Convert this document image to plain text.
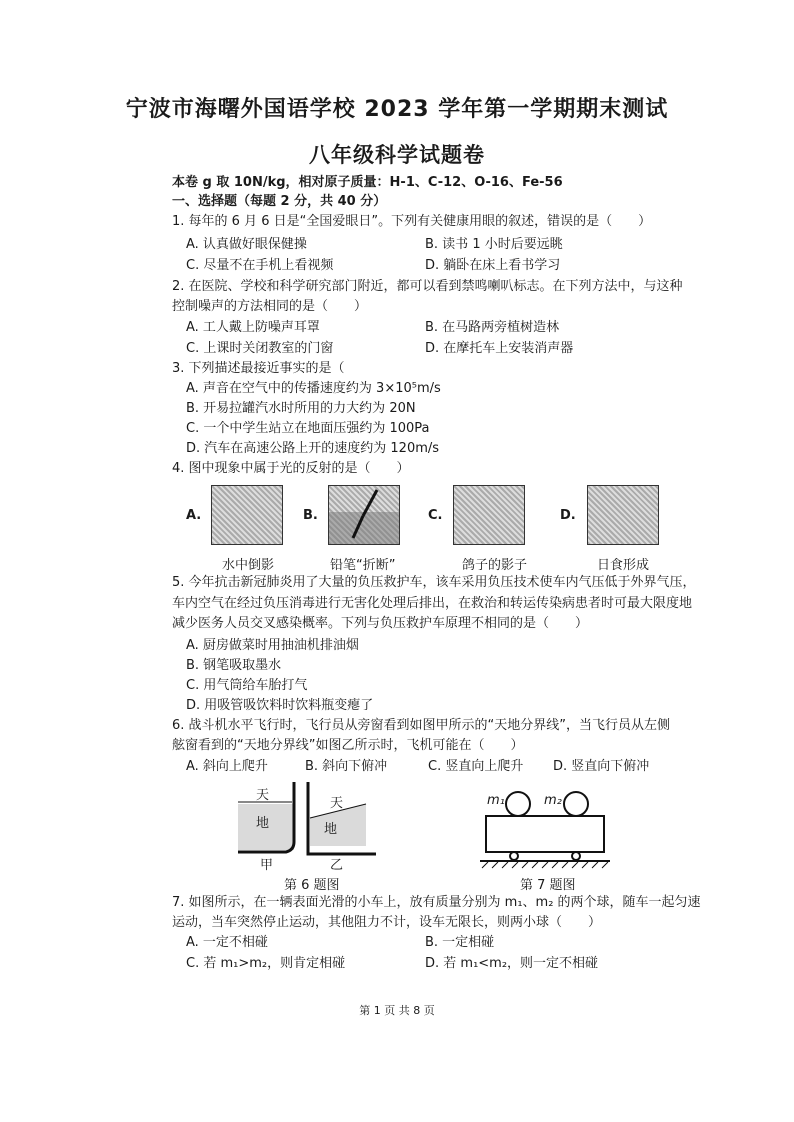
宁波市海曙外国语学校 2023 学年第一学期期末测试
八年级科学试题卷
本卷 g 取 10N/kg，相对原子质量：H-1、C-12、O-16、Fe-56
一、选择题（每题 2 分，共 40 分）
1. 每年的 6 月 6 日是“全国爱眼日”。下列有关健康用眼的叙述，错误的是（　　）
A. 认真做好眼保健操	B. 读书 1 小时后要远眺
C. 尽量不在手机上看视频	D. 躺卧在床上看书学习
2. 在医院、学校和科学研究部门附近，都可以看到禁鸣喇叭标志。在下列方法中，与这种
控制噪声的方法相同的是（　　）
A. 工人戴上防噪声耳罩	B. 在马路两旁植树造林
C. 上课时关闭教室的门窗	D. 在摩托车上安装消声器
3. 下列描述最接近事实的是（
A. 声音在空气中的传播速度约为 3×10⁵m/s
B. 开易拉罐汽水时所用的力大约为 20N
C. 一个中学生站立在地面压强约为 100Pa
D. 汽车在高速公路上开的速度约为 120m/s
4. 图中现象中属于光的反射的是（　　）
A.	B.	C.	D.
水中倒影	铅笔“折断”	鸽子的影子	日食形成
5. 今年抗击新冠肺炎用了大量的负压救护车，该车采用负压技术使车内气压低于外界气压，
车内空气在经过负压消毒进行无害化处理后排出，在救治和转运传染病患者时可最大限度地
减少医务人员交叉感染概率。下列与负压救护车原理不相同的是（　　）
A. 厨房做菜时用抽油机排油烟
B. 钢笔吸取墨水
C. 用气筒给车胎打气
D. 用吸管吸饮料时饮料瓶变瘪了
6. 战斗机水平飞行时，飞行员从旁窗看到如图甲所示的“天地分界线”，当飞行员从左侧
舷窗看到的“天地分界线”如图乙所示时，飞机可能在（　　）
A. 斜向上爬升	B. 斜向下俯冲	C. 竖直向上爬升 D. 竖直向下俯冲
天
地
天
地
甲	乙
第 6 题图
m₁	m₂
第 7 题图
7. 如图所示，在一辆表面光滑的小车上，放有质量分别为 m₁、m₂ 的两个球，随车一起匀速
运动，当车突然停止运动，其他阻力不计，设车无限长，则两小球（　　）
A. 一定不相碰	B. 一定相碰
C. 若 m₁>m₂，则肯定相碰	D. 若 m₁<m₂，则一定不相碰
第 1 页 共 8 页
